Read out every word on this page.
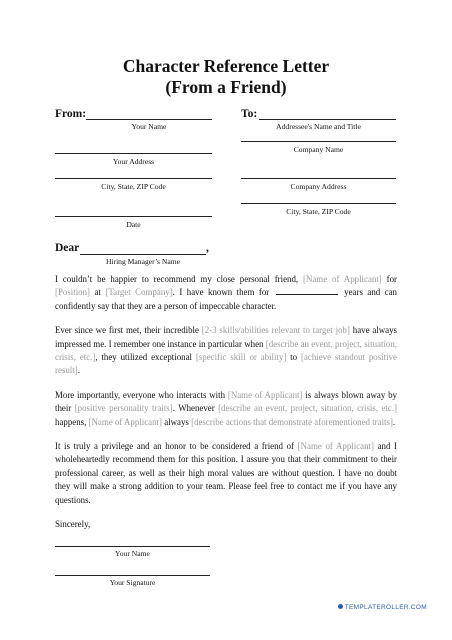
Character Reference Letter
(From a Friend)
From:
Your Name
Your Address
City, State, ZIP Code
Date
To:
Addressee's Name and Title
Company Name
Company Address
City, State, ZIP Code
Dear	,
Hiring Manager’s Name

I couldn’t be happier to recommend my close personal friend, [Name of Applicant] for [Position] at [Target Company]. I have known them for	years and can confidently say that they are a person of impeccable character.

Ever since we first met, their incredible [2-3 skills/abilities relevant to target job] have always impressed me. I remember one instance in particular when [describe an event, project, situation, crisis, etc.], they utilized exceptional [specific skill or ability] to [achieve standout positive result].

More importantly, everyone who interacts with [Name of Applicant] is always blown away by their [positive personality traits]. Whenever [describe an event, project, situation, crisis, etc.] happens, [Name of Applicant] always [describe actions that demonstrate aforementioned traits].

It is truly a privilege and an honor to be considered a friend of [Name of Applicant] and I wholeheartedly recommend them for this position. I assure you that their commitment to their professional career, as well as their high moral values are without question. I have no doubt they will make a strong addition to your team. Please feel free to contact me if you have any questions.

Sincerely,

Your Name
Your Signature
TEMPLATEROLLER.COM
